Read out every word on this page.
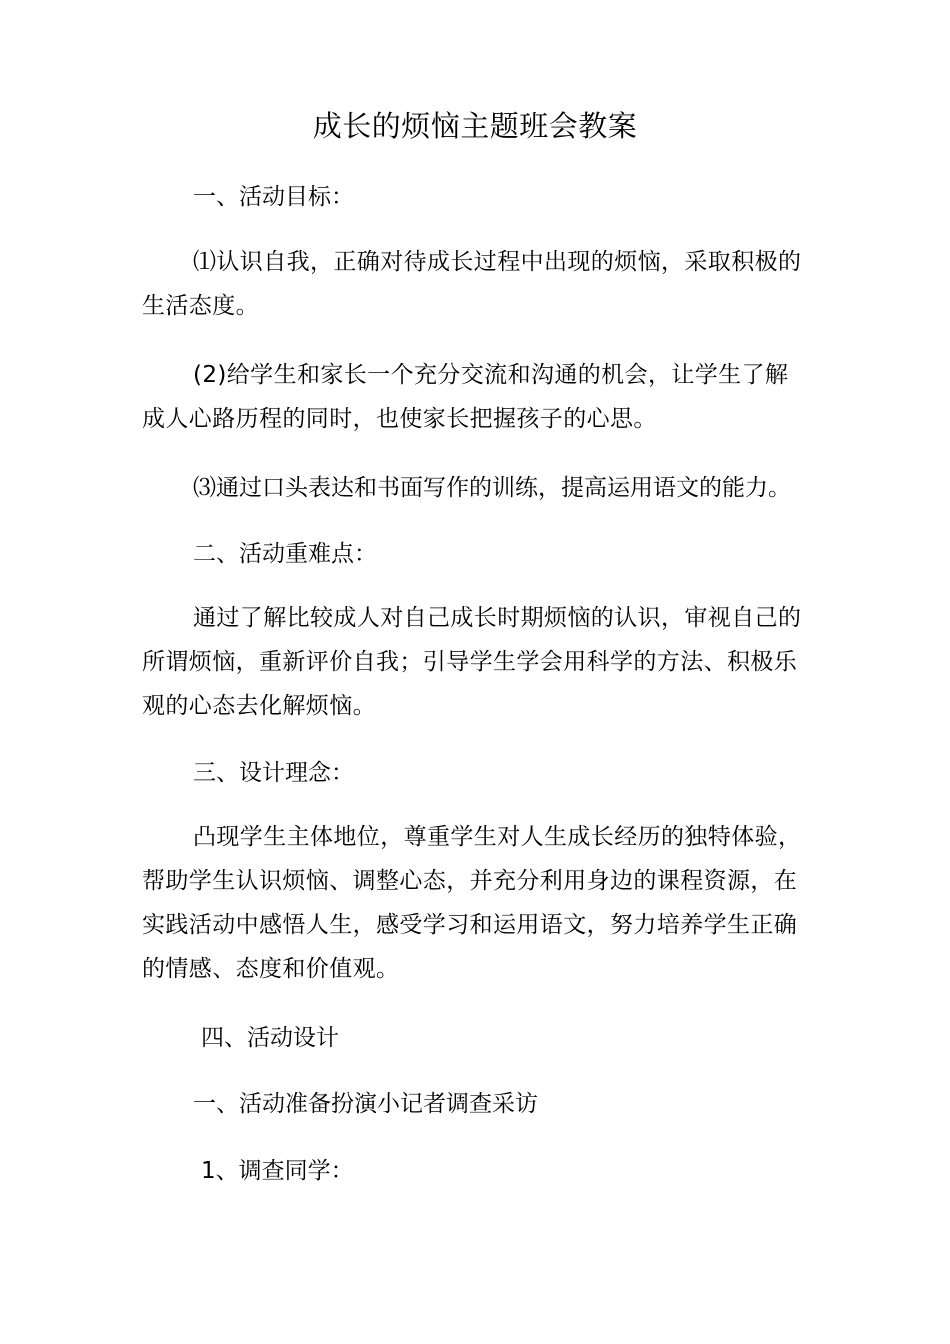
成长的烦恼主题班会教案
一、活动目标：
⑴认识自我，正确对待成长过程中出现的烦恼，采取积极的生活态度。
(2)给学生和家长一个充分交流和沟通的机会，让学生了解成人心路历程的同时，也使家长把握孩子的心思。
⑶通过口头表达和书面写作的训练，提高运用语文的能力。
二、活动重难点：
通过了解比较成人对自己成长时期烦恼的认识，审视自己的所谓烦恼，重新评价自我；引导学生学会用科学的方法、积极乐观的心态去化解烦恼。
三、设计理念：
凸现学生主体地位，尊重学生对人生成长经历的独特体验，帮助学生认识烦恼、调整心态，并充分利用身边的课程资源，在实践活动中感悟人生，感受学习和运用语文，努力培养学生正确的情感、态度和价值观。
四、活动设计
一、活动准备扮演小记者调查采访
1、调查同学：
